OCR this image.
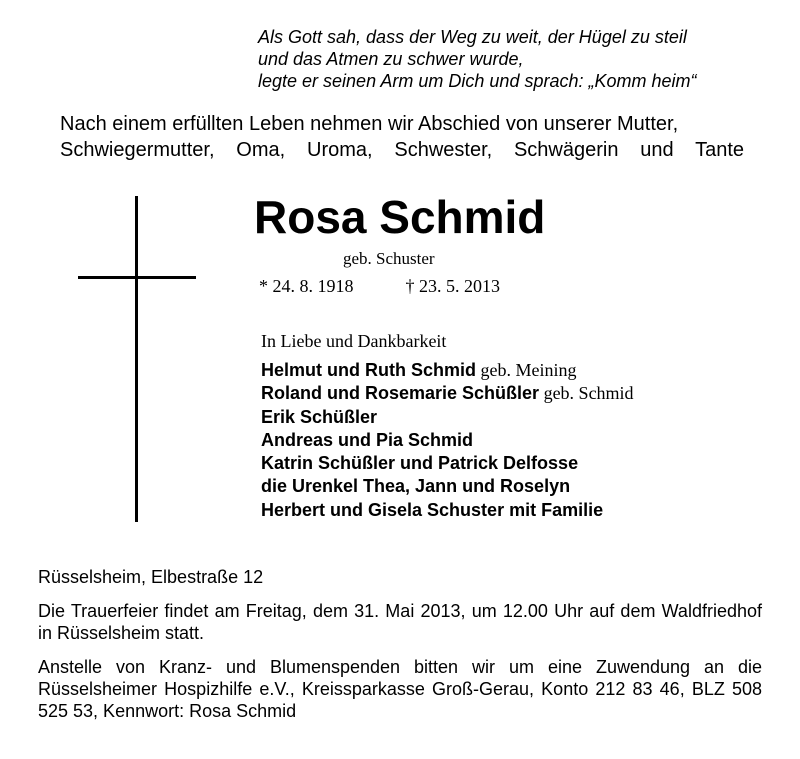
Als Gott sah, dass der Weg zu weit, der Hügel zu steil
und das Atmen zu schwer wurde,
legte er seinen Arm um Dich und sprach: „Komm heim“
Nach einem erfüllten Leben nehmen wir Abschied von unserer Mutter,
Schwiegermutter, Oma, Uroma, Schwester, Schwägerin und Tante
Rosa Schmid
geb. Schuster
* 24. 8. 1918	† 23. 5. 2013
In Liebe und Dankbarkeit
Helmut und Ruth Schmid geb. Meining
Roland und Rosemarie Schüßler geb. Schmid
Erik Schüßler
Andreas und Pia Schmid
Katrin Schüßler und Patrick Delfosse
die Urenkel Thea, Jann und Roselyn
Herbert und Gisela Schuster mit Familie
Rüsselsheim, Elbestraße 12
Die Trauerfeier findet am Freitag, dem 31. Mai 2013, um 12.00 Uhr auf dem Waldfriedhof in Rüsselsheim statt.
Anstelle von Kranz- und Blumenspenden bitten wir um eine Zuwendung an die Rüsselsheimer Hospizhilfe e.V., Kreissparkasse Groß-Gerau, Konto 212 83 46, BLZ 508 525 53, Kennwort: Rosa Schmid
